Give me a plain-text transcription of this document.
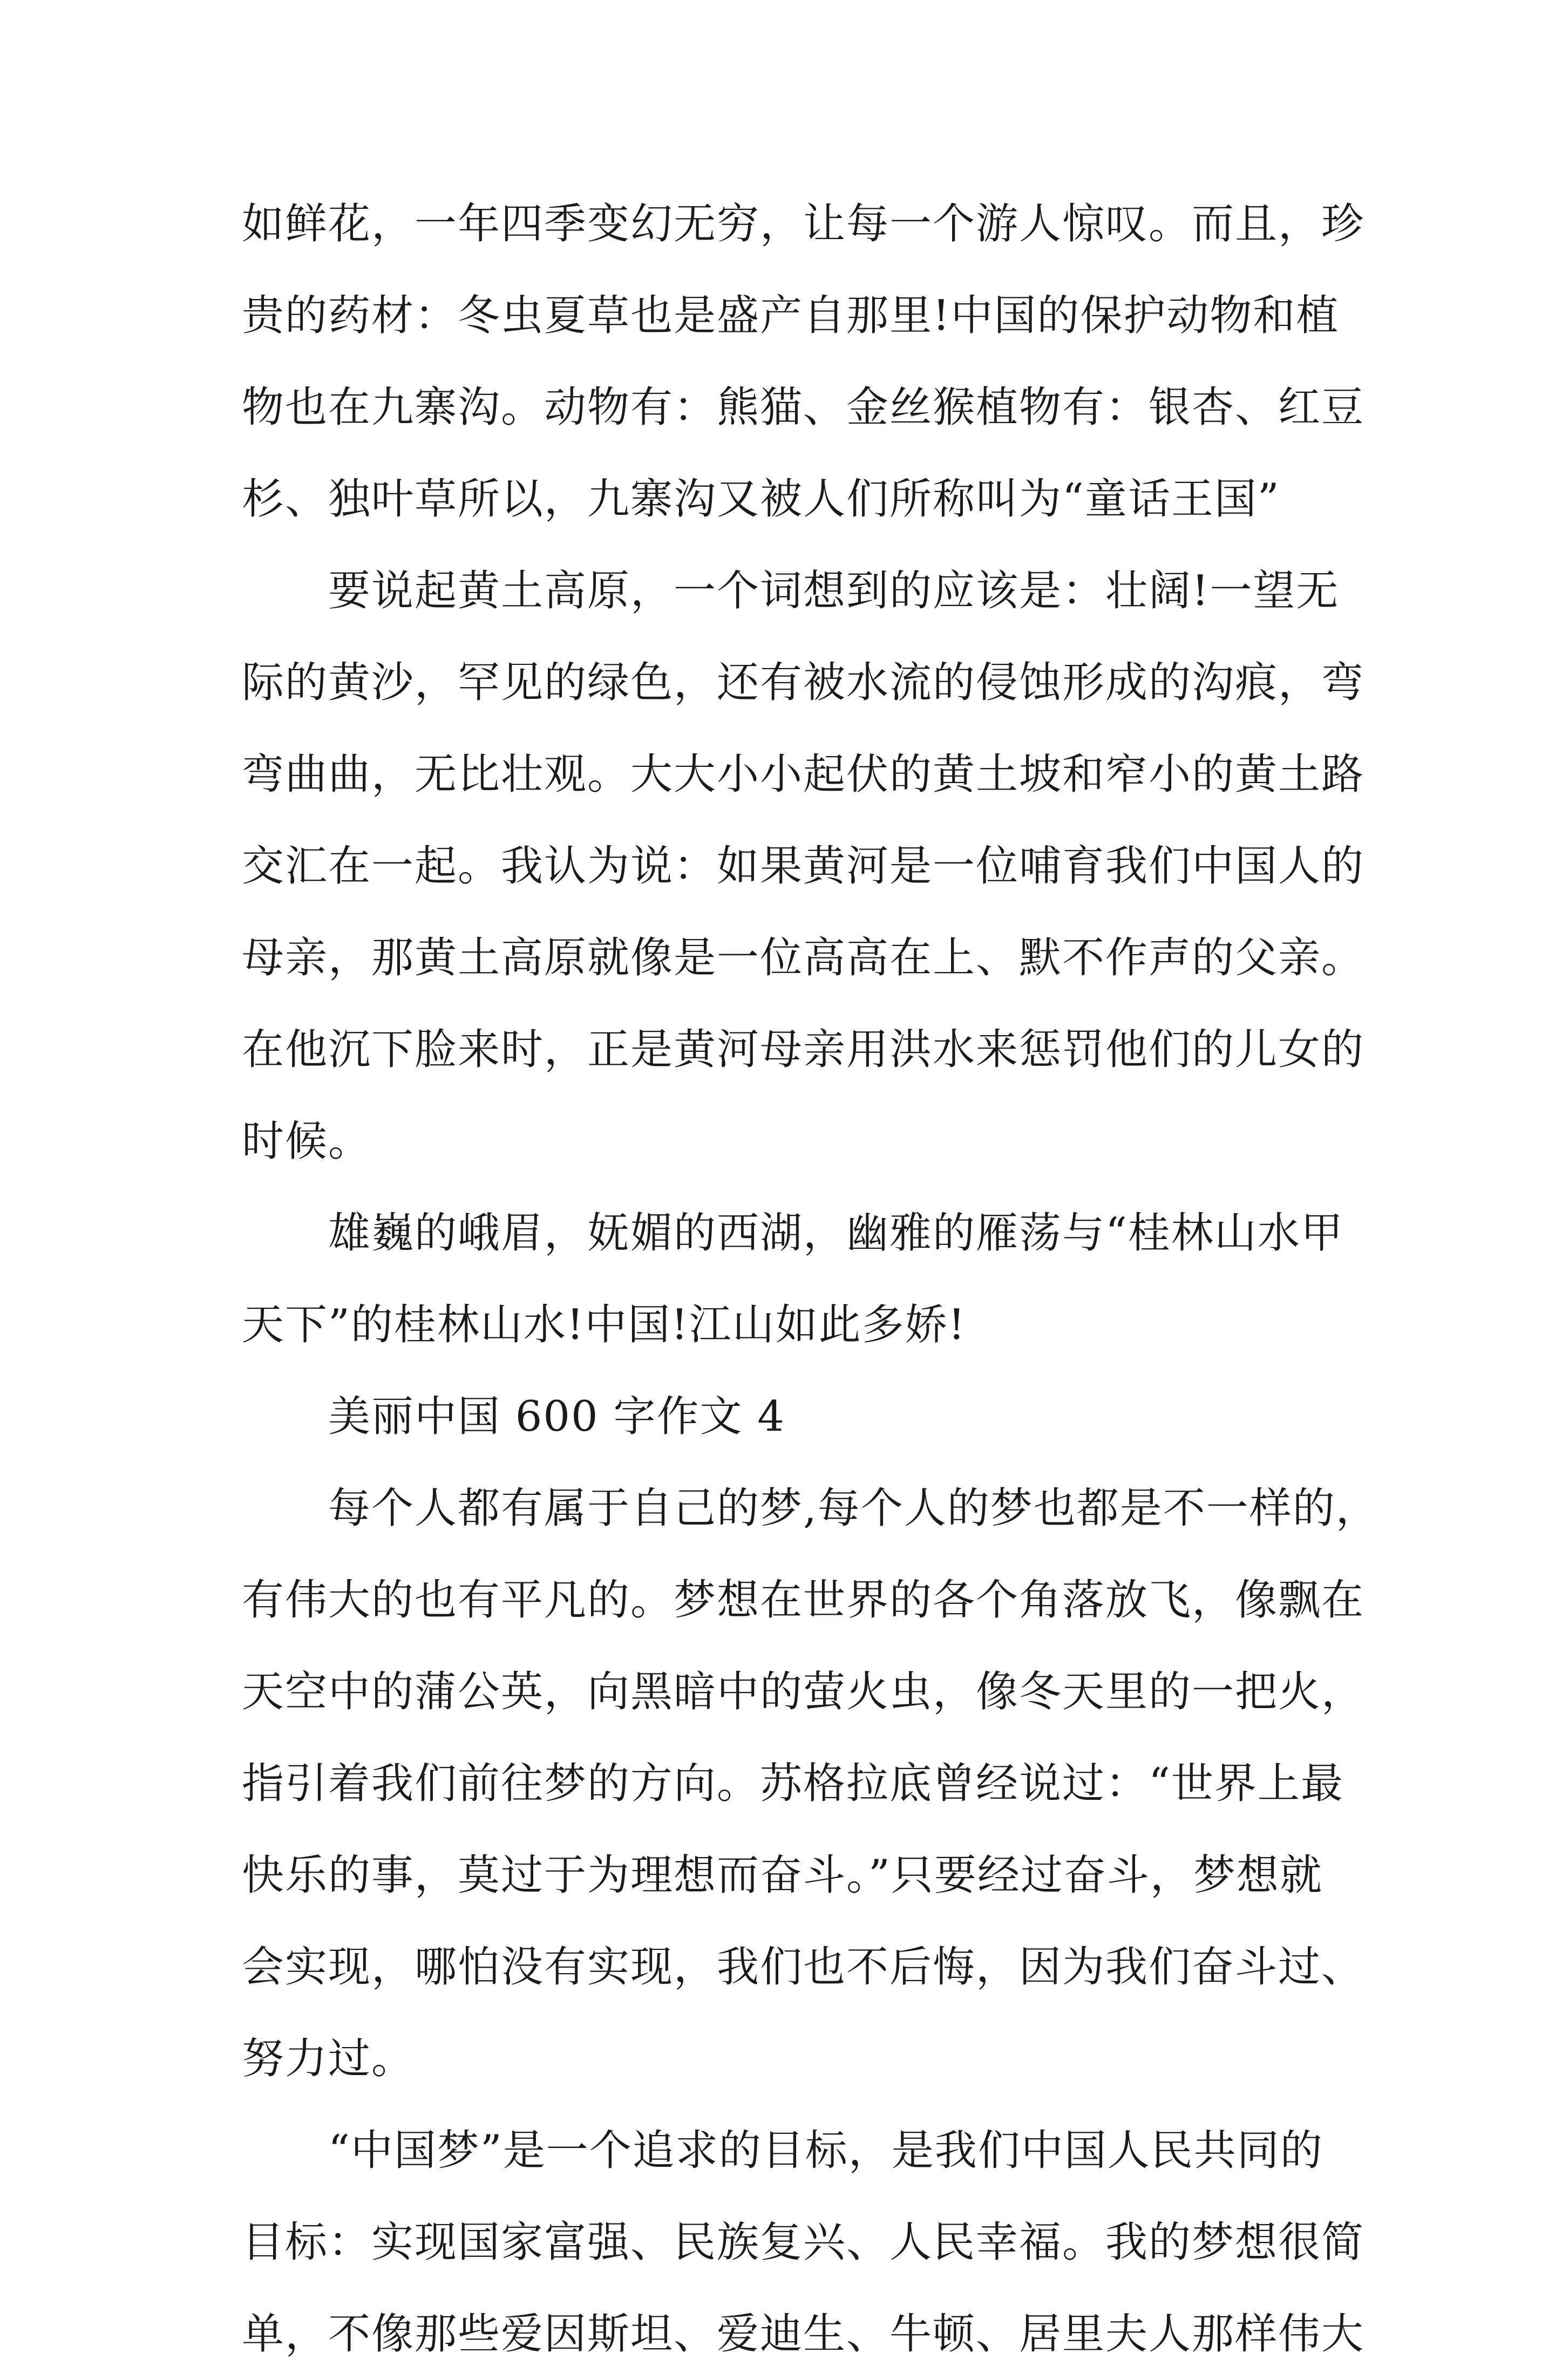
如鲜花，一年四季变幻无穷，让每一个游人惊叹。而且，珍
贵的药材：冬虫夏草也是盛产自那里!中国的保护动物和植
物也在九寨沟。动物有：熊猫、金丝猴植物有：银杏、红豆
杉、独叶草所以，九寨沟又被人们所称叫为“童话王国”
要说起黄土高原，一个词想到的应该是：壮阔!一望无
际的黄沙，罕见的绿色，还有被水流的侵蚀形成的沟痕，弯
弯曲曲，无比壮观。大大小小起伏的黄土坡和窄小的黄土路
交汇在一起。我认为说：如果黄河是一位哺育我们中国人的
母亲，那黄土高原就像是一位高高在上、默不作声的父亲。
在他沉下脸来时，正是黄河母亲用洪水来惩罚他们的儿女的
时候。
雄巍的峨眉，妩媚的西湖，幽雅的雁荡与“桂林山水甲
天下”的桂林山水!中国!江山如此多娇!
美丽中国 600 字作文 4
每个人都有属于自己的梦,每个人的梦也都是不一样的，
有伟大的也有平凡的。梦想在世界的各个角落放飞，像飘在
天空中的蒲公英，向黑暗中的萤火虫，像冬天里的一把火，
指引着我们前往梦的方向。苏格拉底曾经说过：“世界上最
快乐的事，莫过于为理想而奋斗。”只要经过奋斗，梦想就
会实现，哪怕没有实现，我们也不后悔，因为我们奋斗过、
努力过。
“中国梦”是一个追求的目标，是我们中国人民共同的
目标：实现国家富强、民族复兴、人民幸福。我的梦想很简
单，不像那些爱因斯坦、爱迪生、牛顿、居里夫人那样伟大
